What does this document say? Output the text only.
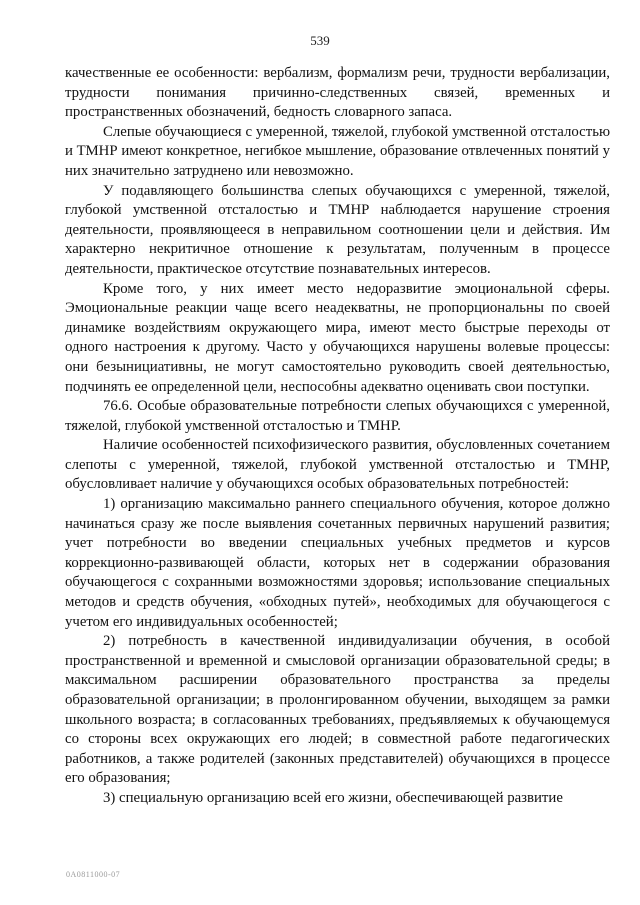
539

качественные ее особенности: вербализм, формализм речи, трудности вербализации, трудности понимания причинно-следственных связей, временных и пространственных обозначений, бедность словарного запаса.

Слепые обучающиеся с умеренной, тяжелой, глубокой умственной отсталостью и ТМНР имеют конкретное, негибкое мышление, образование отвлеченных понятий у них значительно затруднено или невозможно.

У подавляющего большинства слепых обучающихся с умеренной, тяжелой, глубокой умственной отсталостью и ТМНР наблюдается нарушение строения деятельности, проявляющееся в неправильном соотношении цели и действия. Им характерно некритичное отношение к результатам, полученным в процессе деятельности, практическое отсутствие познавательных интересов.

Кроме того, у них имеет место недоразвитие эмоциональной сферы. Эмоциональные реакции чаще всего неадекватны, не пропорциональны по своей динамике воздействиям окружающего мира, имеют место быстрые переходы от одного настроения к другому. Часто у обучающихся нарушены волевые процессы: они безынициативны, не могут самостоятельно руководить своей деятельностью, подчинять ее определенной цели, неспособны адекватно оценивать свои поступки.

76.6. Особые образовательные потребности слепых обучающихся с умеренной, тяжелой, глубокой умственной отсталостью и ТМНР.

Наличие особенностей психофизического развития, обусловленных сочетанием слепоты с умеренной, тяжелой, глубокой умственной отсталостью и ТМНР, обусловливает наличие у обучающихся особых образовательных потребностей:

1) организацию максимально раннего специального обучения, которое должно начинаться сразу же после выявления сочетанных первичных нарушений развития; учет потребности во введении специальных учебных предметов и курсов коррекционно-развивающей области, которых нет в содержании образования обучающегося с сохранными возможностями здоровья; использование специальных методов и средств обучения, «обходных путей», необходимых для обучающегося с учетом его индивидуальных особенностей;

2) потребность в качественной индивидуализации обучения, в особой пространственной и временной и смысловой организации образовательной среды; в максимальном расширении образовательного пространства за пределы образовательной организации; в пролонгированном обучении, выходящем за рамки школьного возраста; в согласованных требованиях, предъявляемых к обучающемуся со стороны всех окружающих его людей; в совместной работе педагогических работников, а также родителей (законных представителей) обучающихся в процессе его образования;

3) специальную организацию всей его жизни, обеспечивающей развитие

0A0811000-07
